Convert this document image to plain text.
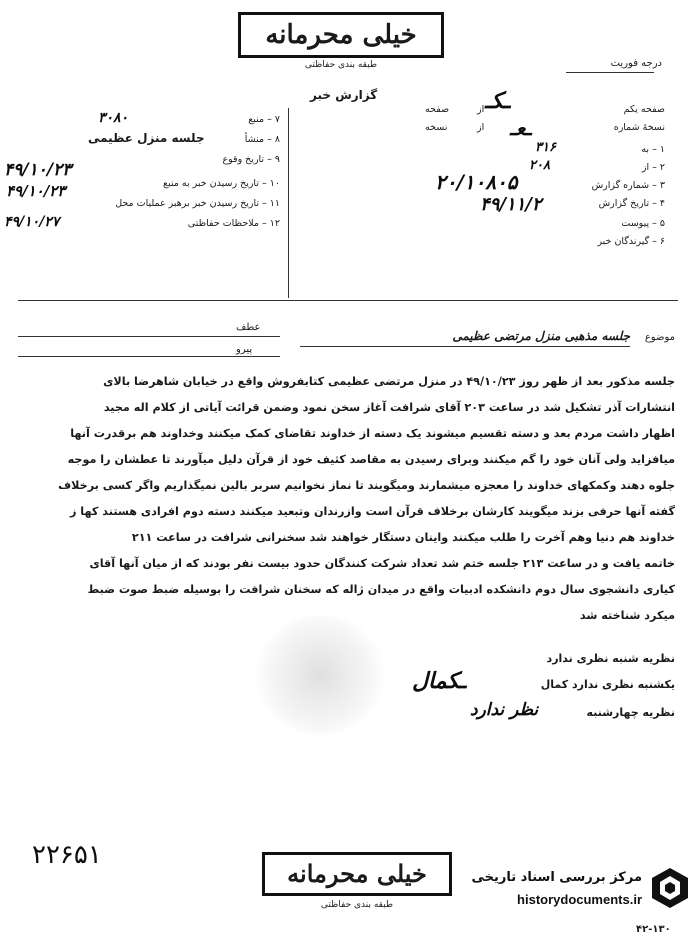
خیلی محرمانه
طبقه بندی حفاظتی	درجه فوریت
گزارش خبر
۷ – منبع
۳۰۸۰
۸ – منشأ
جلسه منزل عظیمی
۹ – تاریخ وقوع
۴۹/۱۰/۲۳
۱۰ – تاریخ رسیدن خبر به منبع
۴۹/۱۰/۲۳
۱۱ – تاریخ رسیدن خبر برهبر عملیات محل
۱۲ – ملاحظات حفاظتی
۴۹/۱۰/۲۷
صفحه یکم
از
صفحه ـکـ
نسخهٔ شماره
از
نسخه	ـعـ
۱ – به
۳۱۶
۲ – از
۲۰۸
۳ – شماره گزارش
۲۰/۱۰۸۰۵
۴ – تاریخ گزارش
۴۹/۱۱/۲
۵ – پیوست
۶ – گیرندگان خبر
عطف
پیرو
موضوع
جلسه مذهبی منزل مرتضی عظیمی
جلسه مذکور بعد از ظهر روز ۴۹/۱۰/۲۳ در منزل مرتضی عظیمی کتابفروش واقع در خیابان شاهرضا بالای
انتشارات آذر تشکیل شد در ساعت ۲۰۳ آقای شرافت آغاز سخن نمود وضمن قرائت آیاتی از کلام اله مجید
اظهار داشت مردم بعد و دسته تقسیم میشوند یک دسته از خداوند تقاضای کمک میکنند وخداوند هم برقدرت آنها
میافزاید ولی آنان خود را گم میکنند وبرای رسیدن به مقاصد کثیف خود از قرآن دلیل میآورند تا عطشان را موجه
جلوه دهند وکمکهای خداوند را معجزه میشمارند ومیگویند تا نماز نخوانیم سربر بالین نمیگذاریم واگر کسی برخلاف
گفته آنها حرفی بزند میگویند کارشان برخلاف قرآن است وازرندان وتبعید میکنند دسته دوم افرادی هستند کها ز
خداوند هم دنیا وهم آخرت را طلب میکنند واینان دستگار خواهند شد سخنرانی شرافت در ساعت ۲۱۱
خاتمه یافت و در ساعت ۲۱۳ جلسه ختم شد تعداد شرکت کنندگان حدود بیست نفر بودند که از میان آنها آقای
کیاری دانشجوی سال دوم دانشکده ادبیات واقع در میدان ژاله که سخنان شرافت را بوسیله ضبط صوت ضبط
میکرد شناخته شد
نظریه شنبه نظری ندارد
یکشنبه نظری ندارد کمال
ـکمال
نظریه چهارشنبه
نظر ندارد
۲۲۶۵۱
خیلی محرمانه
طبقه بندی حفاظتی
مرکز بررسی اسناد تاریخی
historydocuments.ir
۴۲-۱۳۰
